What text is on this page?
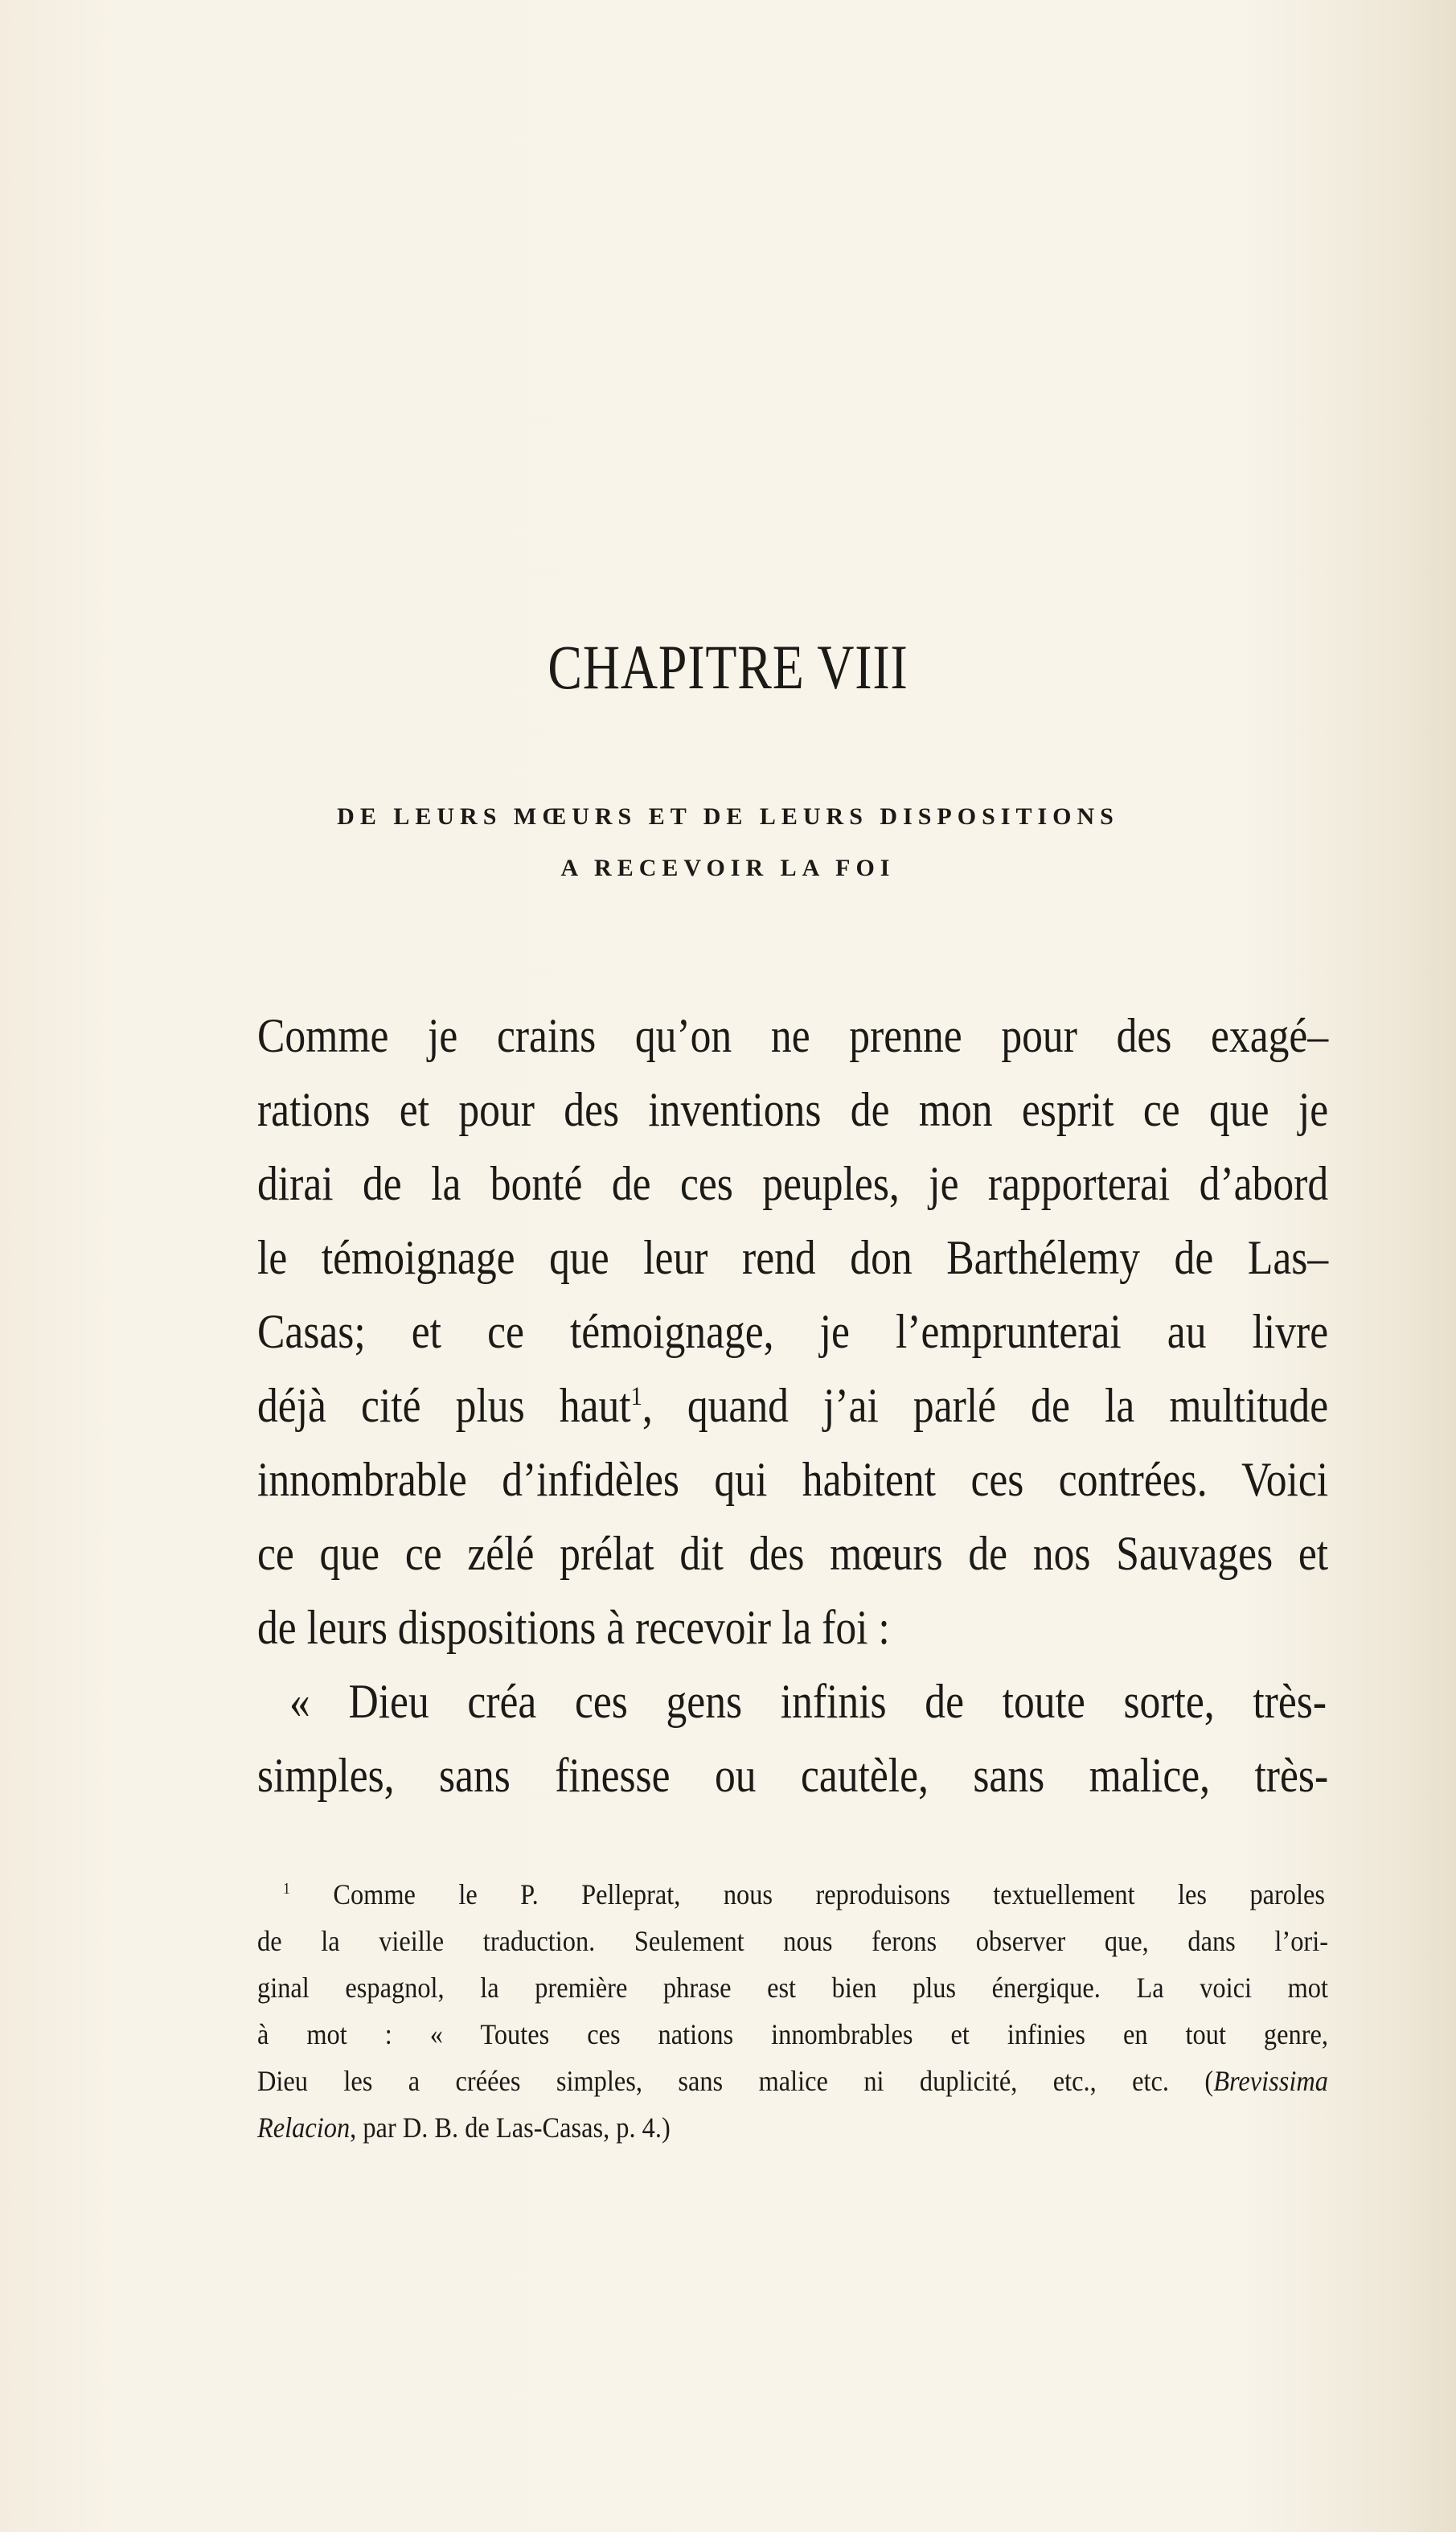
CHAPITRE VIII
DE LEURS MŒURS ET DE LEURS DISPOSITIONS
A RECEVOIR LA FOI
Comme je crains qu’on ne prenne pour des exagé–
rations et pour des inventions de mon esprit ce que je
dirai de la bonté de ces peuples, je rapporterai d’abord
le témoignage que leur rend don Barthélemy de Las–
Casas; et ce témoignage, je l’emprunterai au livre
déjà cité plus haut$^1$, quand j’ai parlé de la multitude
innombrable d’infidèles qui habitent ces contrées. Voici
ce que ce zélé prélat dit des mœurs de nos Sauvages et
de leurs dispositions à recevoir la foi :
« Dieu créa ces gens infinis de toute sorte, très-
simples, sans finesse ou cautèle, sans malice, très-
$^1$ Comme le P. Pelleprat, nous reproduisons textuellement les paroles
de la vieille traduction. Seulement nous ferons observer que, dans l’ori-
ginal espagnol, la première phrase est bien plus énergique. La voici mot
à mot : « Toutes ces nations innombrables et infinies en tout genre,
Dieu les a créées simples, sans malice ni duplicité, etc., etc. (Brevissima
Relacion, par D. B. de Las-Casas, p. 4.)
